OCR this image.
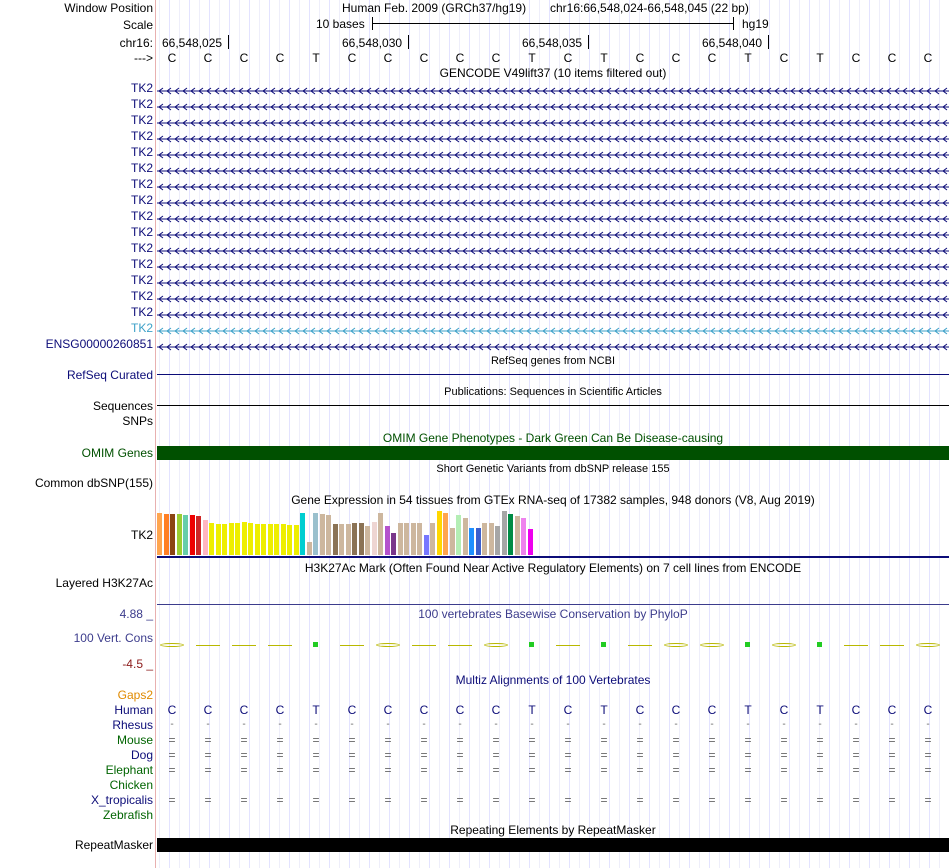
Window Position	Human Feb. 2009 (GRCh37/hg19) chr16:66,548,024-66,548,045 (22 bp)
Scale	10 bases	hg19
chr16: 66,548,025	66,548,030	66,548,035	66,548,040
--->
GENCODE V49lift37 (10 items filtered out)
RefSeq genes from NCBI
RefSeq Curated
Publications: Sequences in Scientific Articles
Sequences
SNPs
OMIM Gene Phenotypes - Dark Green Can Be Disease-causing
OMIM Genes
Short Genetic Variants from dbSNP release 155
Common dbSNP(155)
Gene Expression in 54 tissues from GTEx RNA-seq of 17382 samples, 948 donors (V8, Aug 2019)
TK2
H3K27Ac Mark (Often Found Near Active Regulatory Elements) on 7 cell lines from ENCODE
Layered H3K27Ac
100 vertebrates Basewise Conservation by PhyloP
4.88 _
100 Vert. Cons
-4.5 _
Multiz Alignments of 100 Vertebrates
Gaps2
Repeating Elements by RepeatMasker
RepeatMasker
C	C	C	C	T	C	C	C	C	C	T	C	T	C	C	C	T	C	T	C	C	C
TK2
TK2
TK2
TK2
TK2
TK2
TK2
TK2
TK2
TK2
TK2
TK2
TK2
TK2
TK2
TK2
ENSG00000260851
Human	C	C	C	C	T	C	C	C	C	C	T	C	T	C	C	C	T	C	T	C	C	C
Rhesus	-	-	-	-	-	-	-	-	-	-	-	-	-	-	-	-	-	-	-	-	-	-
Mouse	=	=	=	=	=	=	=	=	=	=	=	=	=	=	=	=	=	=	=	=	=	=
Dog	=	=	=	=	=	=	=	=	=	=	=	=	=	=	=	=	=	=	=	=	=	=
Elephant	=	=	=	=	=	=	=	=	=	=	=	=	=	=	=	=	=	=	=	=	=	=
Chicken
X_tropicalis	=	=	=	=	=	=	=	=	=	=	=	=	=	=	=	=	=	=	=	=	=	=
Zebrafish
